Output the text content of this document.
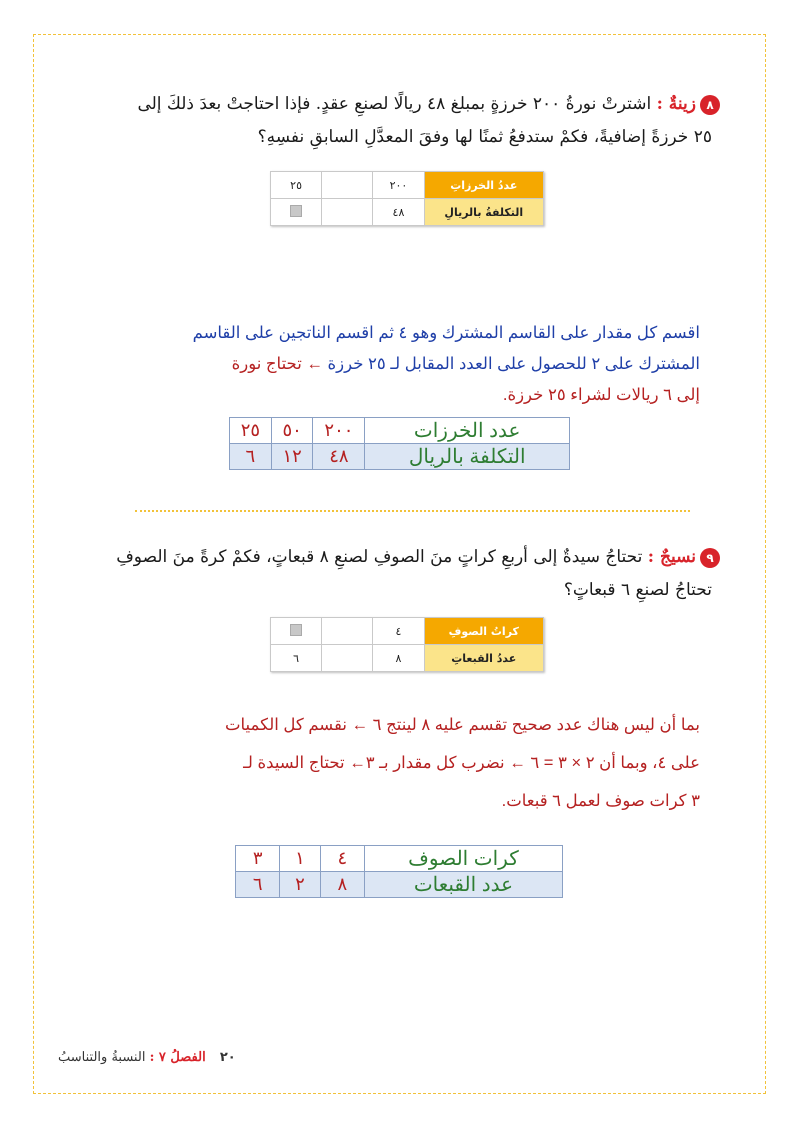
٨زينةٌ : اشترتْ نورةُ ٢٠٠ خرزةٍ بمبلغ ٤٨ ريالًا لصنعِ عقدٍ. فإذا احتاجتْ بعدَ ذلكَ إلى
٢٥ خرزةً إضافيةً، فكمْ ستدفعُ ثمنًا لها وفقَ المعدَّلِ السابقِ نفسِهِ؟
عددُ الخرزاتِ	٢٠٠		٢٥
التكلفةُ بالريالِ	٤٨		
اقسم كل مقدار على القاسم المشترك وهو ٤ ثم اقسم الناتجين على القاسم
المشترك على ٢ للحصول على العدد المقابل لـ ٢٥ خرزة ← تحتاج نورة
إلى ٦ ريالات لشراء ٢٥ خرزة.
عدد الخرزات	٢٠٠	٥٠	٢٥
التكلفة بالريال	٤٨	١٢	٦
٩نسيجٌ : تحتاجُ سيدةٌ إلى أربعِ كراتٍ منَ الصوفِ لصنعِ ٨ قبعاتٍ، فكمْ كرةً منَ الصوفِ
تحتاجُ لصنعِ ٦ قبعاتٍ؟
كراتُ الصوفِ	٤		
عددُ القبعاتِ	٨		٦
بما أن ليس هناك عدد صحيح تقسم عليه ٨ لينتج ٦ ← نقسم كل الكميات
على ٤، وبما أن ٢ × ٣ = ٦ ← نضرب كل مقدار بـ ٣← تحتاج السيدة لـ
٣ كرات صوف لعمل ٦ قبعات.
كرات الصوف	٤	١	٣
عدد القبعات	٨	٢	٦
٢٠ الفصلُ ٧ : النسبةُ والتناسبُ
